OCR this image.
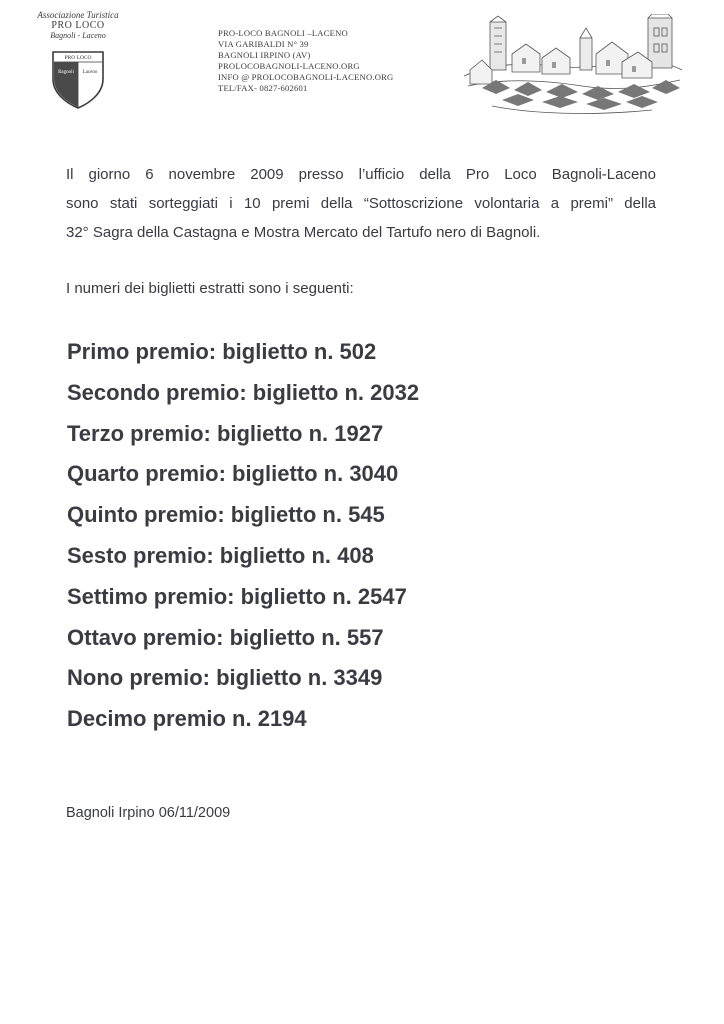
Associazione Turistica
PRO LOCO
Bagnoli - Laceno
PRO LOCO
Bagnoli Laceno
PRO-LOCO BAGNOLI –LACENO
VIA GARIBALDI N° 39
BAGNOLI IRPINO (AV)
PROLOCOBAGNOLI-LACENO.ORG
INFO @ PROLOCOBAGNOLI-LACENO.ORG
TEL/FAX- 0827-602601
Il giorno 6 novembre 2009 presso l’ufficio della Pro Loco Bagnoli-Laceno
sono stati sorteggiati i 10 premi della “Sottoscrizione volontaria a premi” della
32° Sagra della Castagna e Mostra Mercato del Tartufo nero di Bagnoli.
I numeri dei biglietti estratti sono i seguenti:
Primo premio: biglietto n. 502
Secondo premio: biglietto n. 2032
Terzo premio: biglietto n. 1927
Quarto premio: biglietto n. 3040
Quinto premio: biglietto n. 545
Sesto premio: biglietto n. 408
Settimo premio: biglietto n. 2547
Ottavo premio: biglietto n. 557
Nono premio: biglietto n. 3349
Decimo premio n. 2194
Bagnoli Irpino 06/11/2009
